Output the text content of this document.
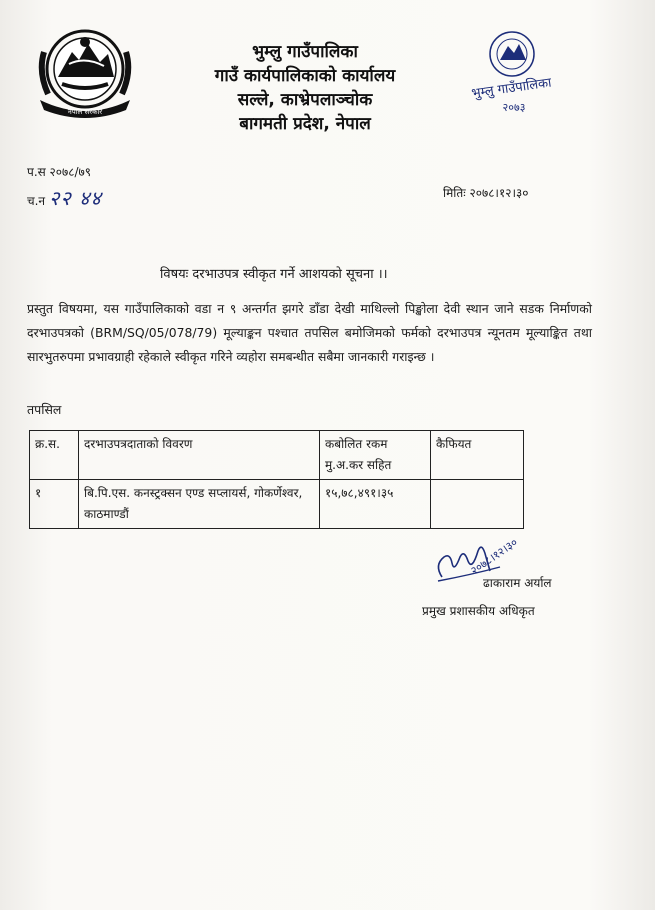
नेपाल सरकार
भुम्लु गाउँपालिका
२०७३
भुम्लु गाउँपालिका
गाउँ कार्यपालिकाको कार्यालय
सल्ले, काभ्रेपलाञ्चोक
बागमती प्रदेश, नेपाल
प.स २०७८/७९
च.न २२ ४४	मितिः २०७८।१२।३०
विषयः दरभाउपत्र स्वीकृत गर्ने आशयको सूचना ।।
प्रस्तुत विषयमा, यस गाउँपालिकाको वडा न ९ अन्तर्गत झगरे डाँडा देखी माथिल्लो पिङ्खोला देवी स्थान जाने सडक निर्माणको दरभाउपत्रको (BRM/SQ/05/078/79) मूल्याङ्कन पश्चात तपसिल बमोजिमको फर्मको दरभाउपत्र न्यूनतम मूल्याङ्कित तथा सारभुतरुपमा प्रभावग्राही रहेकाले स्वीकृत गरिने व्यहोरा समबन्धीत सबैमा जानकारी गराइन्छ ।
तपसिल
क्र.स.	दरभाउपत्रदाताको विवरण	कबोलित रकम मु.अ.कर सहित	कैफियत
१	बि.पि.एस. कनस्ट्रक्सन एण्ड सप्लायर्स, गोकर्णेश्वर, काठमाण्डौं	१५,७८,४९१।३५	
२०७८।१२।३०
ढाकाराम अर्याल
प्रमुख प्रशासकीय अधिकृत
